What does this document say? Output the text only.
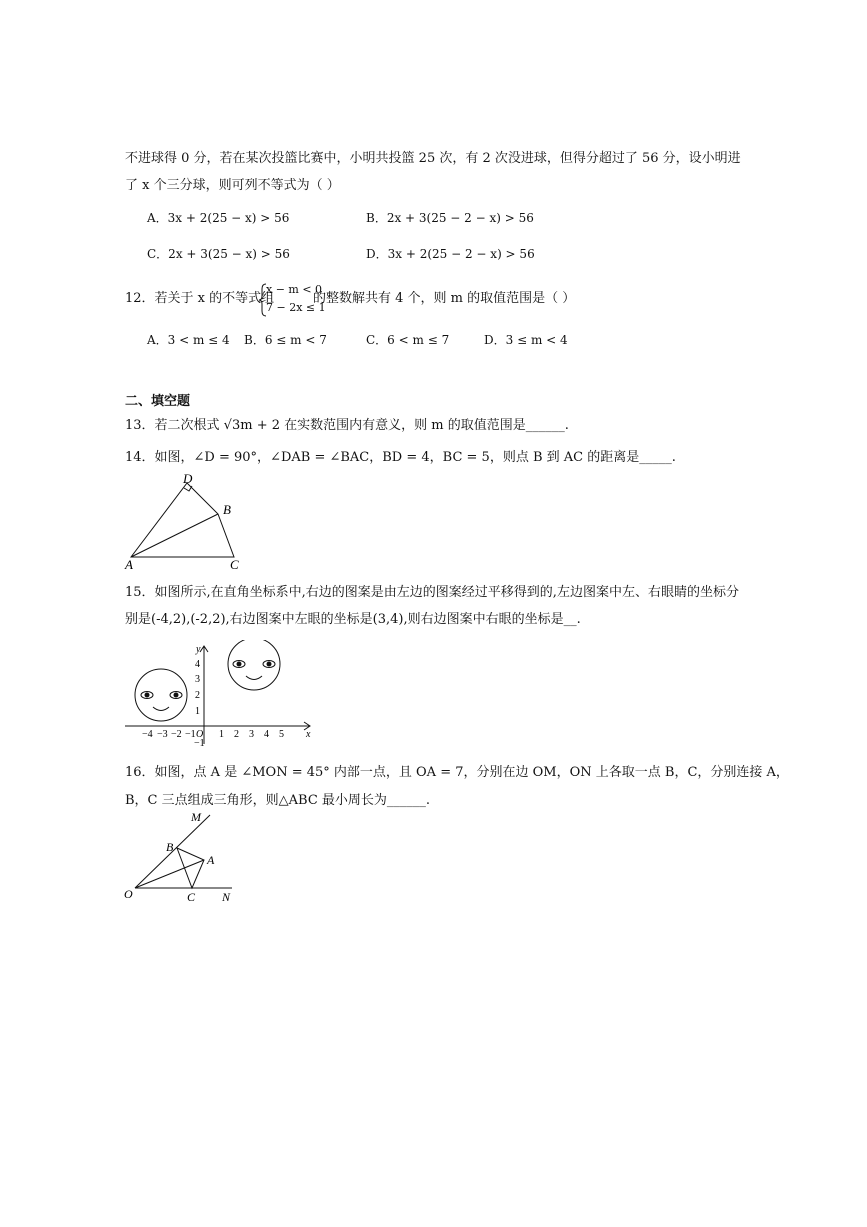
不进球得 0 分，若在某次投篮比赛中，小明共投篮 25 次，有 2 次没进球，但得分超过了 56 分，设小明进
了 x 个三分球，则可列不等式为（ ）
A．3x + 2(25 − x) > 56	B．2x + 3(25 − 2 − x) > 56
C．2x + 3(25 − x) > 56	D．3x + 2(25 − 2 − x) > 56
12．若关于 x 的不等式组
x − m < 0
7 − 2x ≤ 1
的整数解共有 4 个，则 m 的取值范围是（ ）
A．3 < m ≤ 4 B．6 ≤ m < 7	C．6 < m ≤ 7	D．3 ≤ m < 4
二、填空题
13．若二次根式 √3m + 2 在实数范围内有意义，则 m 的取值范围是______.
14．如图，∠D = 90°，∠DAB = ∠BAC，BD = 4，BC = 5，则点 B 到 AC 的距离是_____.
D
B
A	C
15．如图所示,在直角坐标系中,右边的图案是由左边的图案经过平移得到的,左边图案中左、右眼睛的坐标分
别是(-4,2),(-2,2),右边图案中左眼的坐标是(3,4),则右边图案中右眼的坐标是__.
y
x
O
4
3
2
1
−1
−4 −3 −2 −1 1 2 3 4 5
16．如图，点 A 是 ∠MON = 45° 内部一点，且 OA = 7，分别在边 OM，ON 上各取一点 B，C，分别连接 A，
B，C 三点组成三角形，则△ABC 最小周长为______.
M
B
A
O	C N
